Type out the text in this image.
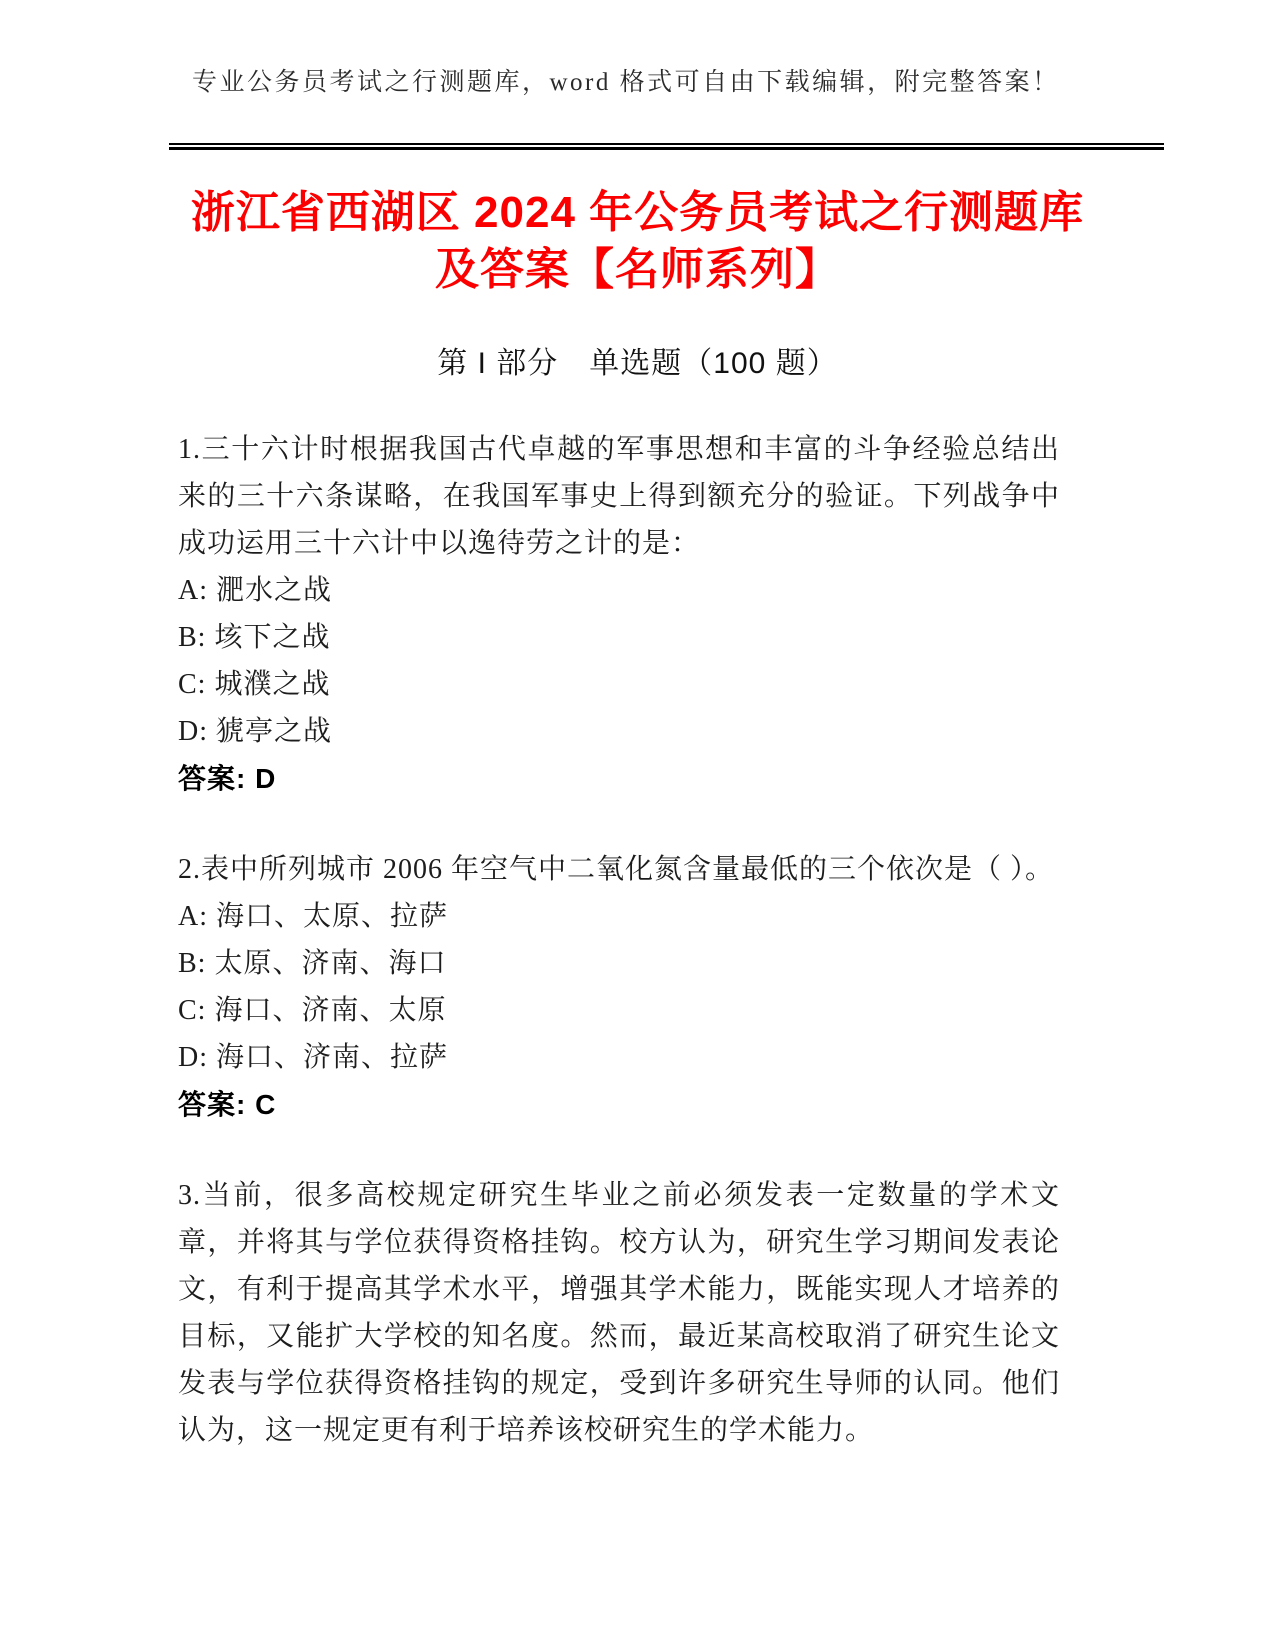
专业公务员考试之行测题库，word 格式可自由下载编辑，附完整答案！
浙江省西湖区 2024 年公务员考试之行测题库
及答案【名师系列】
第 I 部分　单选题（100 题）

1.三十六计时根据我国古代卓越的军事思想和丰富的斗争经验总结出来的三十六条谋略，在我国军事史上得到额充分的验证。下列战争中成功运用三十六计中以逸待劳之计的是：

A: 淝水之战
B: 垓下之战
C: 城濮之战
D: 猇亭之战
答案: D

2.表中所列城市 2006 年空气中二氧化氮含量最低的三个依次是（ ）。

A: 海口、太原、拉萨
B: 太原、济南、海口
C: 海口、济南、太原
D: 海口、济南、拉萨
答案: C

3.当前，很多高校规定研究生毕业之前必须发表一定数量的学术文章，并将其与学位获得资格挂钩。校方认为，研究生学习期间发表论文，有利于提高其学术水平，增强其学术能力，既能实现人才培养的目标，又能扩大学校的知名度。然而，最近某高校取消了研究生论文发表与学位获得资格挂钩的规定，受到许多研究生导师的认同。他们认为，这一规定更有利于培养该校研究生的学术能力。
